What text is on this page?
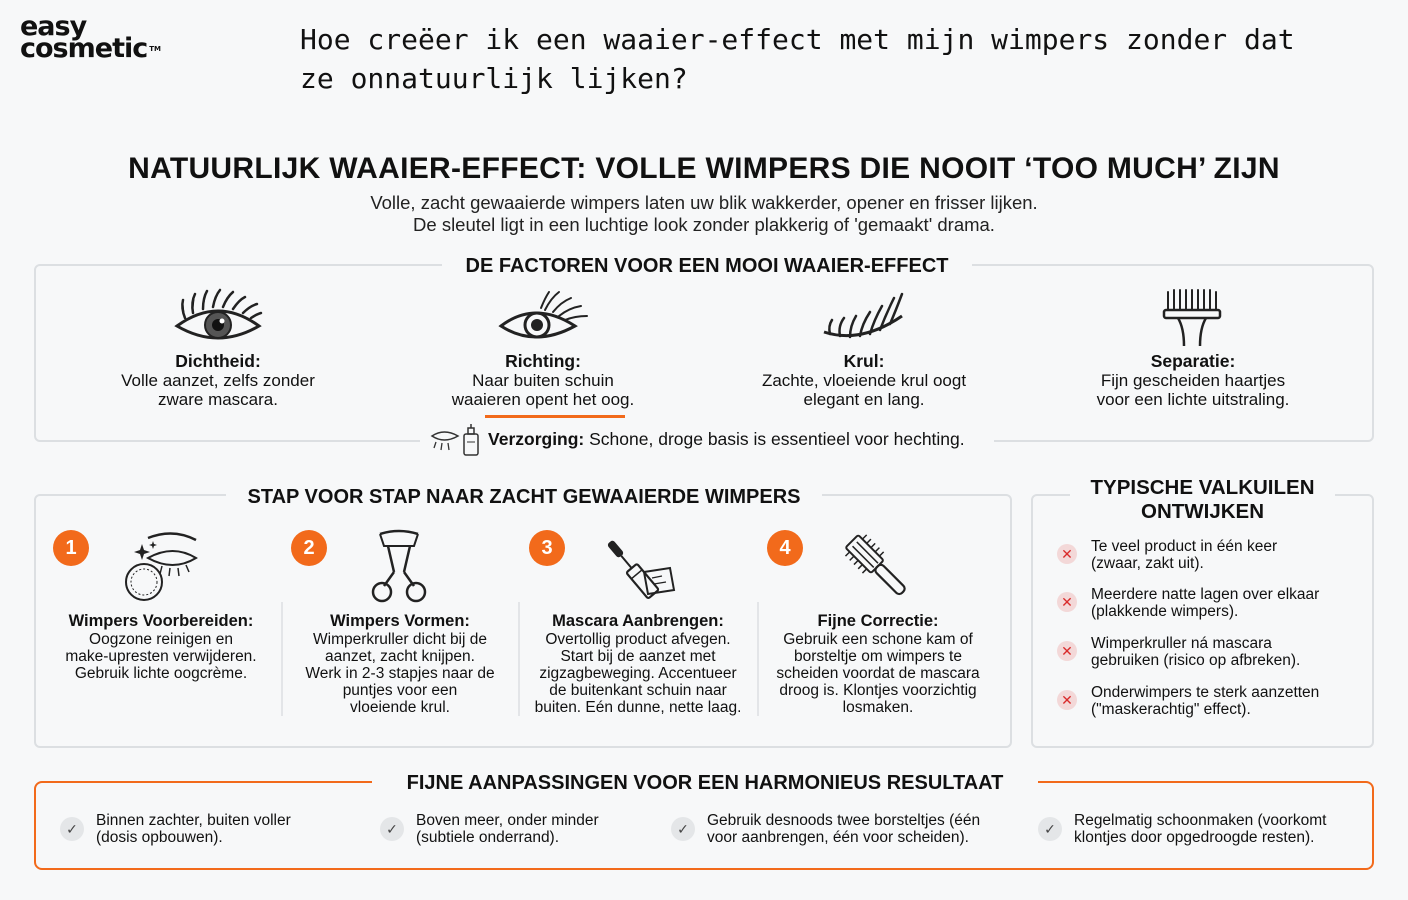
easy
cosmetic ™	Hoe creëer ik een waaier-effect met mijn wimpers zonder dat ze onnatuurlijk lijken?
NATUURLIJK WAAIER-EFFECT: VOLLE WIMPERS DIE NOOIT ‘TOO MUCH’ ZIJN
Volle, zacht gewaaierde wimpers laten uw blik wakkerder, opener en frisser lijken.
De sleutel ligt in een luchtige look zonder plakkerig of 'gemaakt' drama.
DE FACTOREN VOOR EEN MOOI WAAIER-EFFECT
Dichtheid:
Volle aanzet, zelfs zonder
zware mascara.
Richting:
Naar buiten schuin
waaieren opent het oog.
Krul:
Zachte, vloeiende krul oogt
elegant en lang.
Separatie:
Fijn gescheiden haartjes
voor een lichte uitstraling.
Verzorging: Schone, droge basis is essentieel voor hechting.
STAP VOOR STAP NAAR ZACHT GEWAAIERDE WIMPERS
1
Wimpers Voorbereiden:
Oogzone reinigen en
make-upresten verwijderen.
Gebruik lichte oogcrème.
2
Wimpers Vormen:
Wimperkruller dicht bij de
aanzet, zacht knijpen.
Werk in 2-3 stapjes naar de
puntjes voor een
vloeiende krul.
3
Mascara Aanbrengen:
Overtollig product afvegen.
Start bij de aanzet met
zigzagbeweging. Accentueer
de buitenkant schuin naar
buiten. Eén dunne, nette laag.
4
Fijne Correctie:
Gebruik een schone kam of
borsteltje om wimpers te
scheiden voordat de mascara
droog is. Klontjes voorzichtig
losmaken.
TYPISCHE VALKUILEN
ONTWIJKEN
✕ Te veel product in één keer
(zwaar, zakt uit).
✕ Meerdere natte lagen over elkaar
(plakkende wimpers).
✕ Wimperkruller ná mascara
gebruiken (risico op afbreken).
✕ Onderwimpers te sterk aanzetten
("maskerachtig" effect).
FIJNE AANPASSINGEN VOOR EEN HARMONIEUS RESULTAAT
✓	Binnen zachter, buiten voller
(dosis opbouwen).	✓	Boven meer, onder minder
(subtiele onderrand).	✓	Gebruik desnoods twee borsteltjes (één
voor aanbrengen, één voor scheiden).	✓	Regelmatig schoonmaken (voorkomt
klontjes door opgedroogde resten).
